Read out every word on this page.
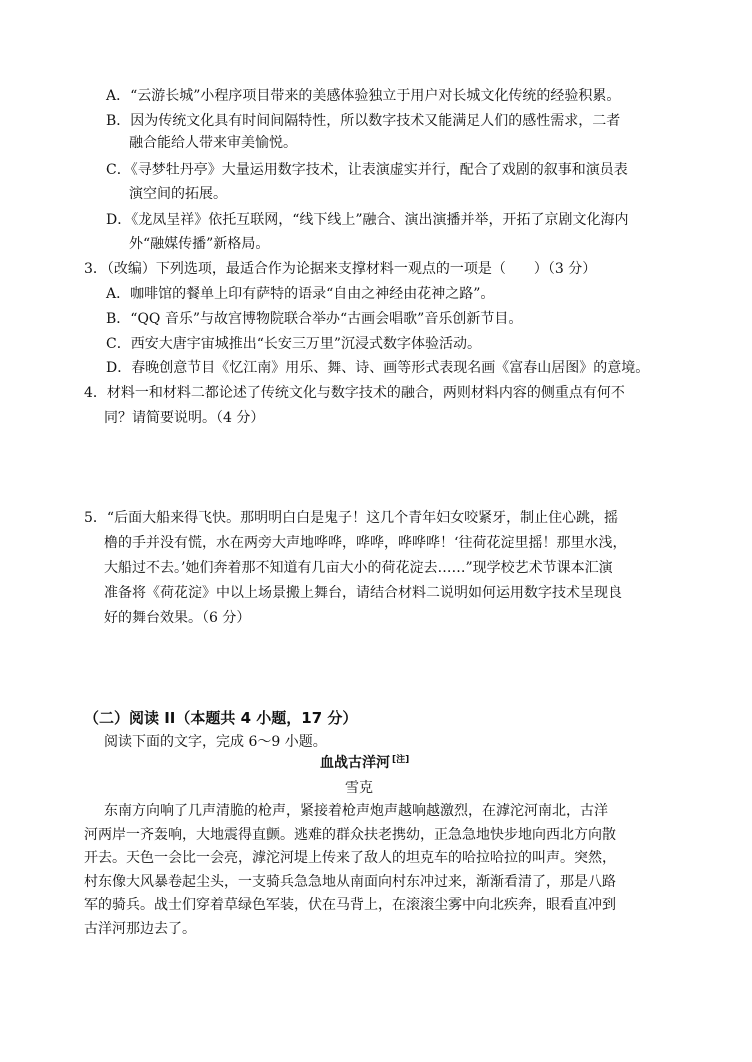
A．“云游长城”小程序项目带来的美感体验独立于用户对长城文化传统的经验积累。
B．因为传统文化具有时间间隔特性，所以数字技术又能满足人们的感性需求，二者
融合能给人带来审美愉悦。
C．《寻梦牡丹亭》大量运用数字技术，让表演虚实并行，配合了戏剧的叙事和演员表
演空间的拓展。
D．《龙凤呈祥》依托互联网，“线下线上”融合、演出演播并举，开拓了京剧文化海内
外“融媒传播”新格局。
3．（改编）下列选项，最适合作为论据来支撑材料一观点的一项是（　　）（3 分）
A．咖啡馆的餐单上印有萨特的语录“自由之神经由花神之路”。
B．“QQ 音乐”与故宫博物院联合举办“古画会唱歌”音乐创新节目。
C．西安大唐宇宙城推出“长安三万里”沉浸式数字体验活动。
D．春晚创意节目《忆江南》用乐、舞、诗、画等形式表现名画《富春山居图》的意境。
4．材料一和材料二都论述了传统文化与数字技术的融合，两则材料内容的侧重点有何不
同？请简要说明。（4 分）
5．“后面大船来得飞快。那明明白白是鬼子！这几个青年妇女咬紧牙，制止住心跳，摇
橹的手并没有慌，水在两旁大声地哗哗，哗哗，哗哗哗！‘往荷花淀里摇！那里水浅，
大船过不去。’她们奔着那不知道有几亩大小的荷花淀去……”现学校艺术节课本汇演
准备将《荷花淀》中以上场景搬上舞台，请结合材料二说明如何运用数字技术呈现良
好的舞台效果。（6 分）
（二）阅读 II（本题共 4 小题，17 分）
阅读下面的文字，完成 6～9 小题。
血战古洋河 [注]
雪克
东南方向响了几声清脆的枪声，紧接着枪声炮声越响越激烈，在滹沱河南北，古洋
河两岸一齐轰响，大地震得直颤。逃难的群众扶老携幼，正急急地快步地向西北方向散
开去。天色一会比一会亮，滹沱河堤上传来了敌人的坦克车的哈拉哈拉的叫声。突然，
村东像大风暴卷起尘头，一支骑兵急急地从南面向村东冲过来，渐渐看清了，那是八路
军的骑兵。战士们穿着草绿色军装，伏在马背上，在滚滚尘雾中向北疾奔，眼看直冲到
古洋河那边去了。
